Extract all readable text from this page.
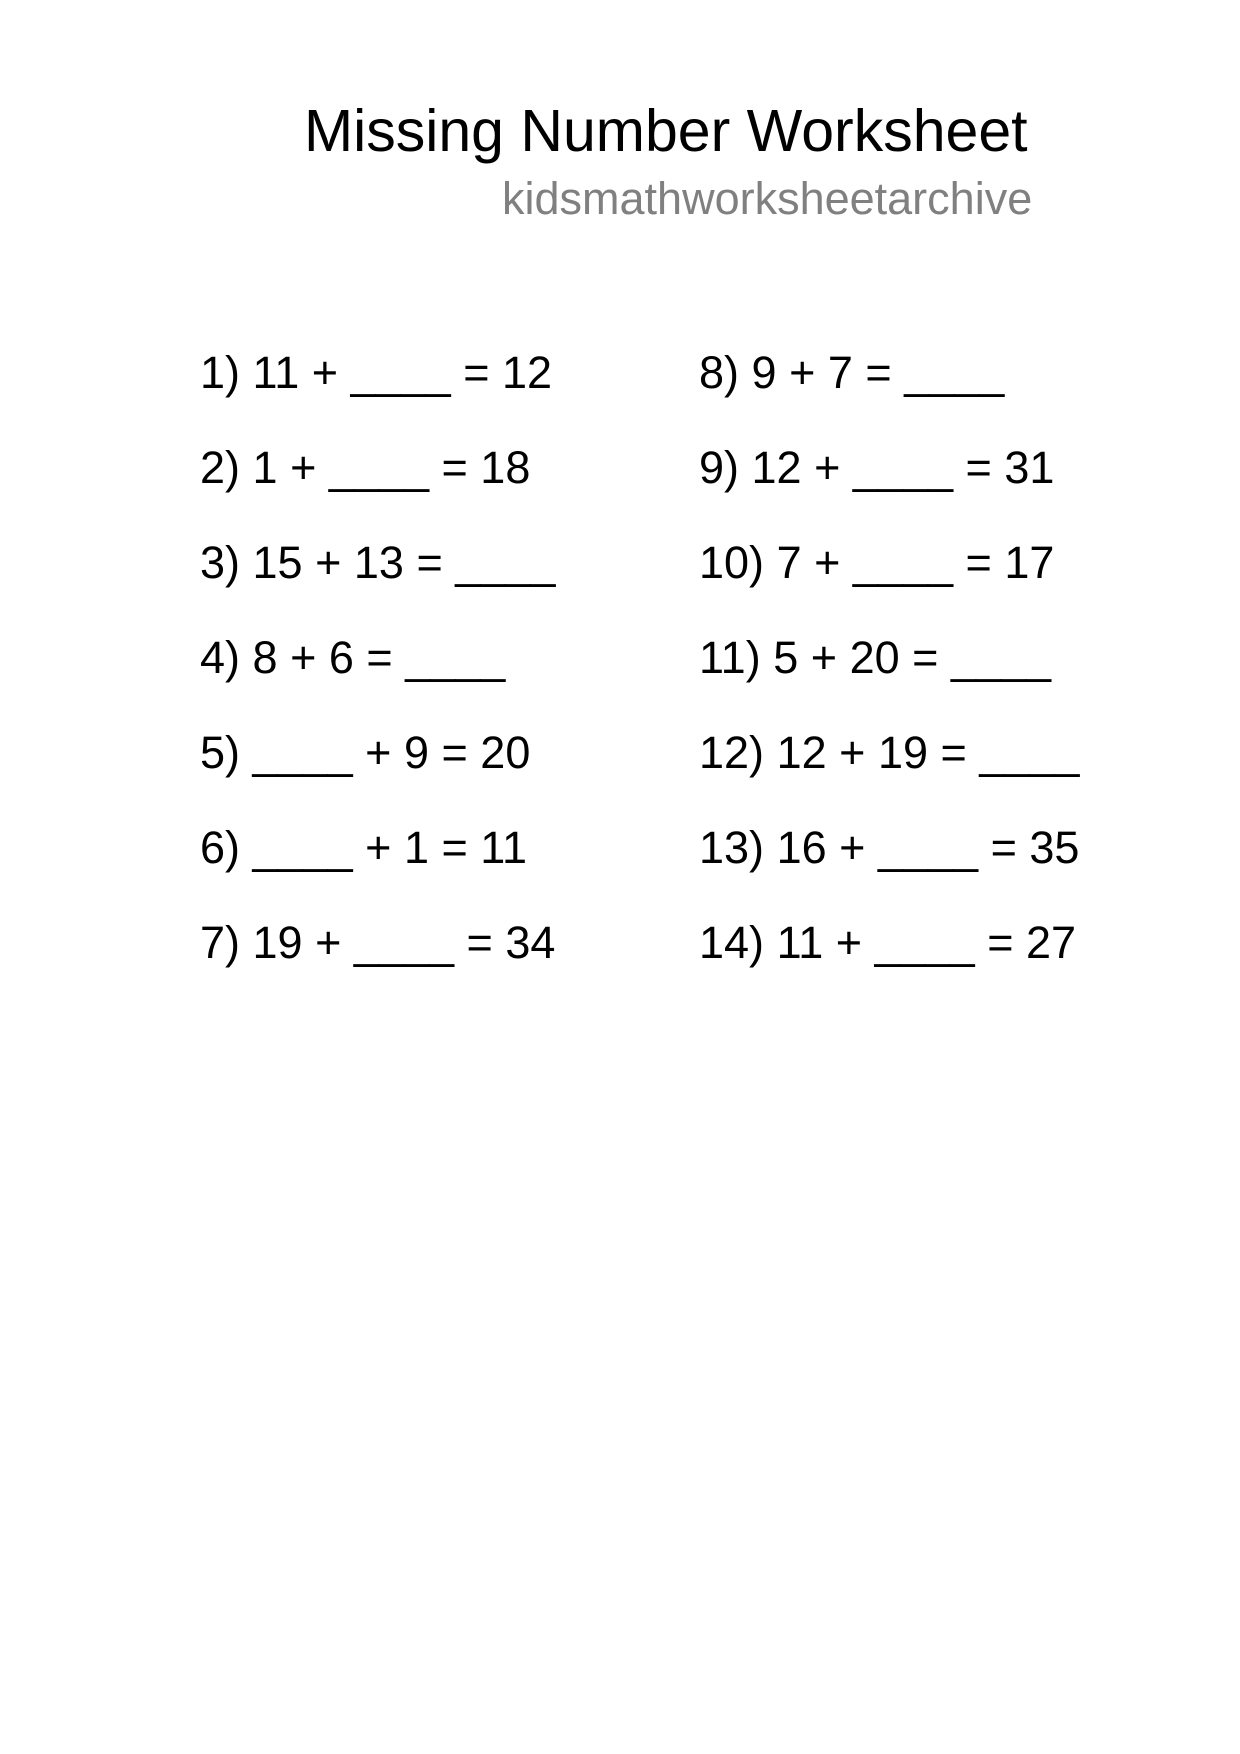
Missing Number Worksheet
kidsmathworksheetarchive
1) 11 + ____ = 12
2) 1 + ____ = 18
3) 15 + 13 = ____
4) 8 + 6 = ____
5) ____ + 9 = 20
6) ____ + 1 = 11
7) 19 + ____ = 34
8) 9 + 7 = ____
9) 12 + ____ = 31
10) 7 + ____ = 17
11) 5 + 20 = ____
12) 12 + 19 = ____
13) 16 + ____ = 35
14) 11 + ____ = 27
